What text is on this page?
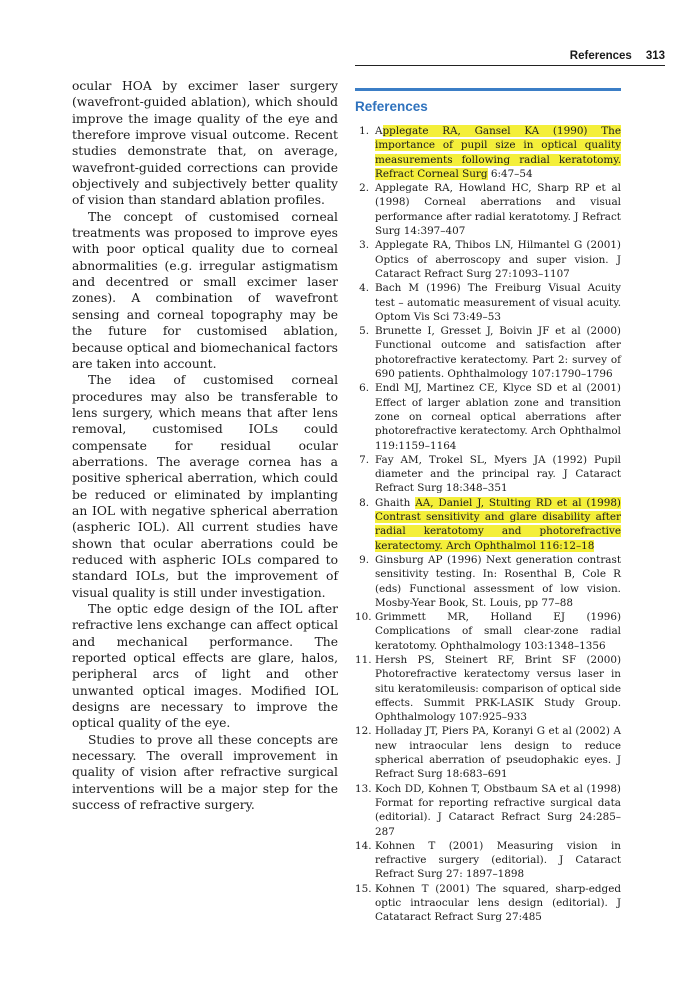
References 313

ocular HOA by excimer laser surgery (wavefront-guided ablation), which should improve the image quality of the eye and therefore improve visual outcome. Recent studies demonstrate that, on average, wavefront-guided corrections can provide objectively and subjectively better quality of vision than standard ablation profiles.

The concept of customised corneal treatments was proposed to improve eyes with poor optical quality due to corneal abnormalities (e.g. irregular astigmatism and decentred or small excimer laser zones). A combination of wavefront sensing and corneal topography may be the future for customised ablation, because optical and biomechanical factors are taken into account.

The idea of customised corneal procedures may also be transferable to lens surgery, which means that after lens removal, customised IOLs could compensate for residual ocular aberrations. The average cornea has a positive spherical aberration, which could be reduced or eliminated by implanting an IOL with negative spherical aberration (aspheric IOL). All current studies have shown that ocular aberrations could be reduced with aspheric IOLs compared to standard IOLs, but the improvement of visual quality is still under investigation.

The optic edge design of the IOL after refractive lens exchange can affect optical and mechanical performance. The reported optical effects are glare, halos, peripheral arcs of light and other unwanted optical images. Modified IOL designs are necessary to improve the optical quality of the eye.

Studies to prove all these concepts are necessary. The overall improvement in quality of vision after refractive surgical interventions will be a major step for the success of refractive surgery.

References
1. Applegate RA, Gansel KA (1990) The importance of pupil size in optical quality measurements following radial keratotomy. Refract Corneal Surg 6:47–54
2. Applegate RA, Howland HC, Sharp RP et al (1998) Corneal aberrations and visual performance after radial keratotomy. J Refract Surg 14:397–407
3. Applegate RA, Thibos LN, Hilmantel G (2001) Optics of aberroscopy and super vision. J Cataract Refract Surg 27:1093–1107
4. Bach M (1996) The Freiburg Visual Acuity test – automatic measurement of visual acuity. Optom Vis Sci 73:49–53
5. Brunette I, Gresset J, Boivin JF et al (2000) Functional outcome and satisfaction after photorefractive keratectomy. Part 2: survey of 690 patients. Ophthalmology 107:1790–1796
6. Endl MJ, Martinez CE, Klyce SD et al (2001) Effect of larger ablation zone and transition zone on corneal optical aberrations after photorefractive keratectomy. Arch Ophthalmol 119:1159–1164
7. Fay AM, Trokel SL, Myers JA (1992) Pupil diameter and the principal ray. J Cataract Refract Surg 18:348–351
8. Ghaith AA, Daniel J, Stulting RD et al (1998) Contrast sensitivity and glare disability after radial keratotomy and photorefractive keratectomy. Arch Ophthalmol 116:12–18
9. Ginsburg AP (1996) Next generation contrast sensitivity testing. In: Rosenthal B, Cole R (eds) Functional assessment of low vision. Mosby-Year Book, St. Louis, pp 77–88
10. Grimmett MR, Holland EJ (1996) Complications of small clear-zone radial keratotomy. Ophthalmology 103:1348–1356
11. Hersh PS, Steinert RF, Brint SF (2000) Photorefractive keratectomy versus laser in situ keratomileusis: comparison of optical side effects. Summit PRK-LASIK Study Group. Ophthalmology 107:925–933
12. Holladay JT, Piers PA, Koranyi G et al (2002) A new intraocular lens design to reduce spherical aberration of pseudophakic eyes. J Refract Surg 18:683–691
13. Koch DD, Kohnen T, Obstbaum SA et al (1998) Format for reporting refractive surgical data (editorial). J Cataract Refract Surg 24:285–287
14. Kohnen T (2001) Measuring vision in refractive surgery (editorial). J Cataract Refract Surg 27: 1897–1898
15. Kohnen T (2001) The squared, sharp-edged optic intraocular lens design (editorial). J Catataract Refract Surg 27:485
